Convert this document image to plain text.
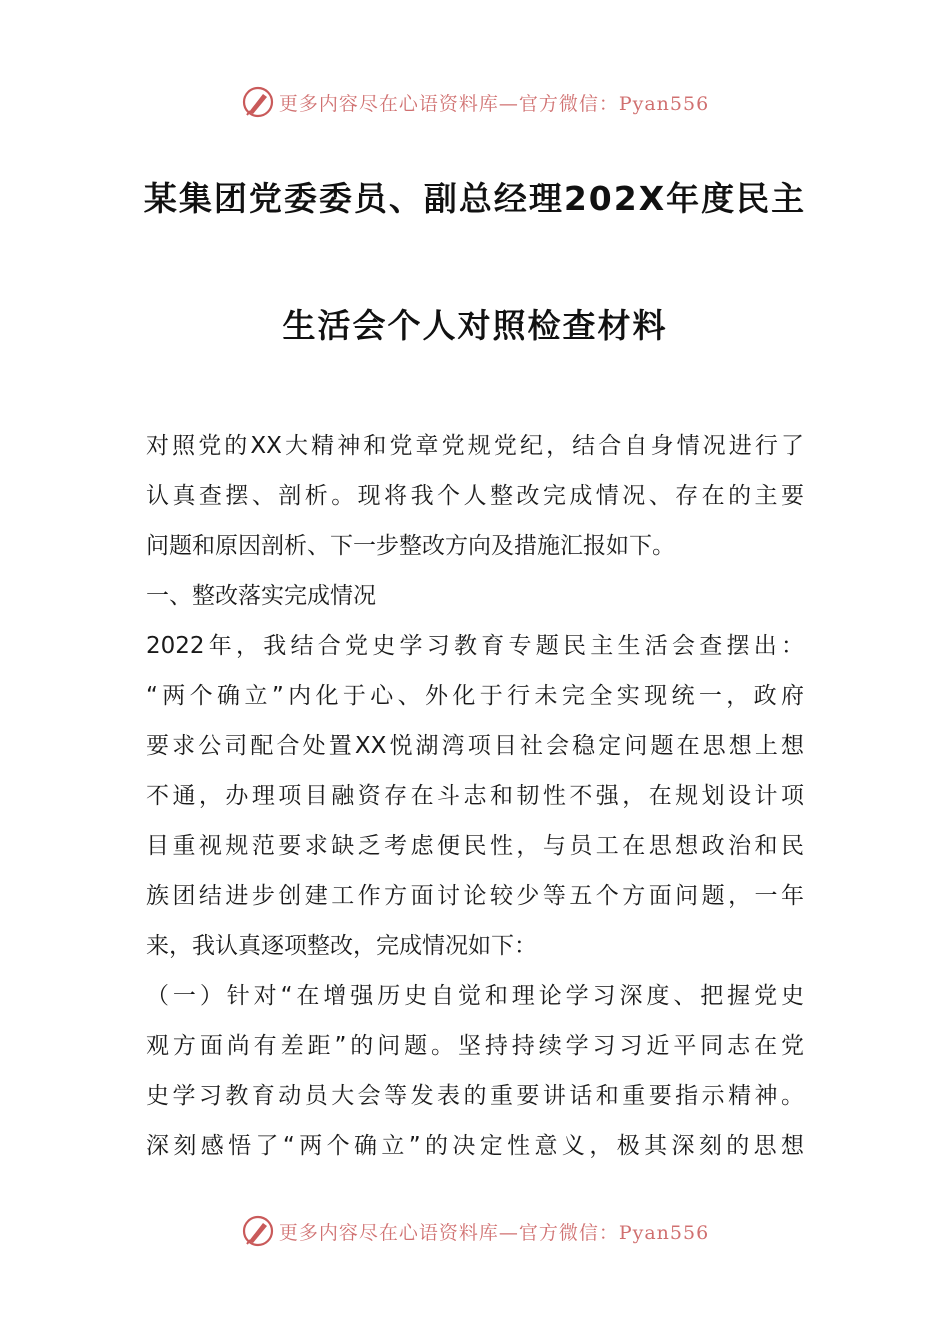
更多内容尽在心语资料库—官方微信：Pyan556
某集团党委委员、副总经理202X年度民主
生活会个人对照检查材料

对照党的XX大精神和党章党规党纪，结合自身情况进行了

认真查摆、剖析。现将我个人整改完成情况、存在的主要

问题和原因剖析、下一步整改方向及措施汇报如下。

一、整改落实完成情况

2022年，我结合党史学习教育专题民主生活会查摆出：

“两个确立”内化于心、外化于行未完全实现统一，政府

要求公司配合处置XX悦湖湾项目社会稳定问题在思想上想

不通，办理项目融资存在斗志和韧性不强，在规划设计项

目重视规范要求缺乏考虑便民性，与员工在思想政治和民

族团结进步创建工作方面讨论较少等五个方面问题，一年

来，我认真逐项整改，完成情况如下：

（一）针对“在增强历史自觉和理论学习深度、把握党史

观方面尚有差距”的问题。坚持持续学习习近平同志在党

史学习教育动员大会等发表的重要讲话和重要指示精神。

深刻感悟了“两个确立”的决定性意义，极其深刻的思想

更多内容尽在心语资料库—官方微信：Pyan556
